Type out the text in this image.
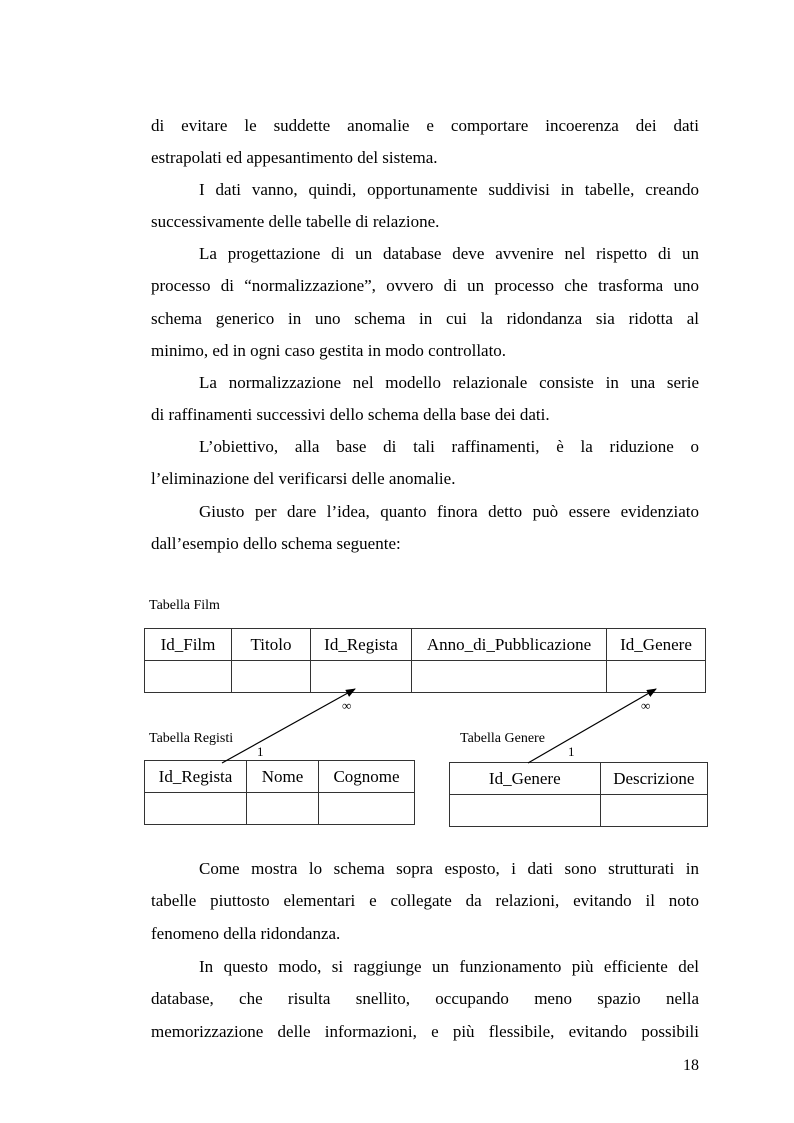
di evitare le suddette anomalie e comportare incoerenza dei dati
estrapolati ed appesantimento del sistema.
I dati vanno, quindi, opportunamente suddivisi in tabelle, creando
successivamente delle tabelle di relazione.
La progettazione di un database deve avvenire nel rispetto di un
processo di “normalizzazione”, ovvero di un processo che trasforma uno
schema generico in uno schema in cui la ridondanza sia ridotta al
minimo, ed in ogni caso gestita in modo controllato.
La normalizzazione nel modello relazionale consiste in una serie
di raffinamenti successivi dello schema della base dei dati.
L’obiettivo, alla base di tali raffinamenti, è la riduzione o
l’eliminazione del verificarsi delle anomalie.
Giusto per dare l’idea, quanto finora detto può essere evidenziato
dall’esempio dello schema seguente:
Tabella Film
Id_Film	Titolo	Id_Regista	Anno_di_Pubblicazione	Id_Genere

Tabella Registi
Id_Regista	Nome	Cognome

Tabella Genere
Id_Genere	Descrizione

∞
1
∞
1
Come mostra lo schema sopra esposto, i dati sono strutturati in
tabelle piuttosto elementari e collegate da relazioni, evitando il noto
fenomeno della ridondanza.
In questo modo, si raggiunge un funzionamento più efficiente del
database, che risulta snellito, occupando meno spazio nella
memorizzazione delle informazioni, e più flessibile, evitando possibili
18
